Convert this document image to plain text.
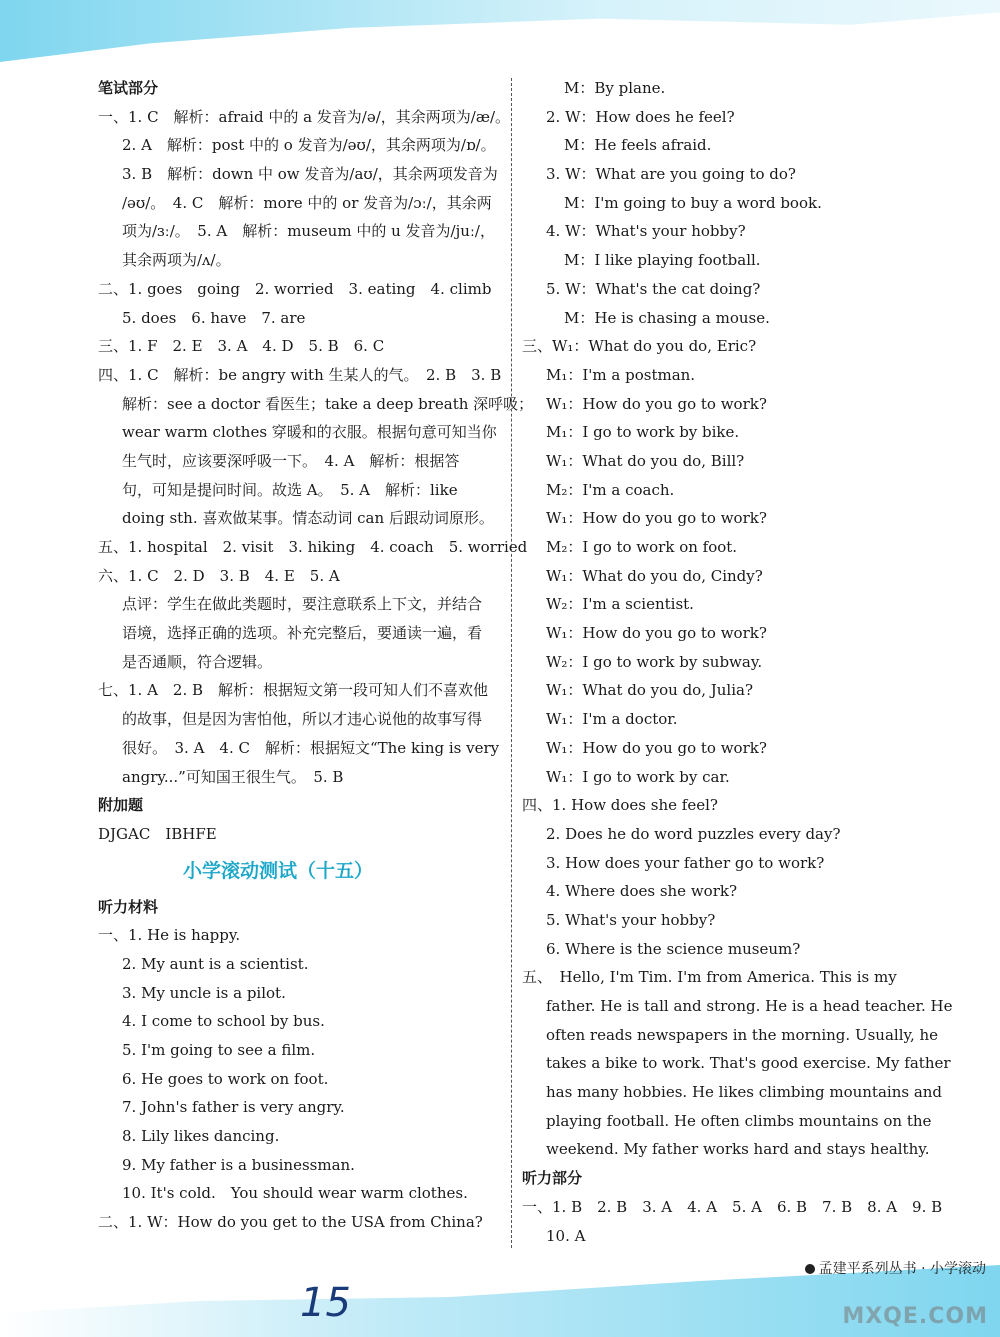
笔试部分
一、1. C　解析：afraid 中的 a 发音为/ə/，其余两项为/æ/。
2. A　解析：post 中的 o 发音为/əʊ/，其余两项为/ɒ/。
3. B　解析：down 中 ow 发音为/aʊ/，其余两项发音为
/əʊ/。　4. C　解析：more 中的 or 发音为/ɔː/，其余两
项为/ɜː/。　5. A　解析：museum 中的 u 发音为/juː/，
其余两项为/ʌ/。
二、1. goes　going　2. worried　3. eating　4. climb
5. does　6. have　7. are
三、1. F　2. E　3. A　4. D　5. B　6. C
四、1. C　解析：be angry with 生某人的气。　2. B　3. B
解析：see a doctor 看医生；take a deep breath 深呼吸；
wear warm clothes 穿暖和的衣服。根据句意可知当你
生气时，应该要深呼吸一下。　4. A　解析：根据答
句，可知是提问时间。故选 A。　5. A　解析：like
doing sth. 喜欢做某事。情态动词 can 后跟动词原形。
五、1. hospital　2. visit　3. hiking　4. coach　5. worried
六、1. C　2. D　3. B　4. E　5. A
点评：学生在做此类题时，要注意联系上下文，并结合
语境，选择正确的选项。补充完整后，要通读一遍，看
是否通顺，符合逻辑。
七、1. A　2. B　解析：根据短文第一段可知人们不喜欢他
的故事，但是因为害怕他，所以才违心说他的故事写得
很好。　3. A　4. C　解析：根据短文“The king is very
angry...”可知国王很生气。　5. B
附加题
DJGAC　IBHFE
小学滚动测试（十五）
听力材料
一、1. He is happy.
2. My aunt is a scientist.
3. My uncle is a pilot.
4. I come to school by bus.
5. I'm going to see a film.
6. He goes to work on foot.
7. John's father is very angry.
8. Lily likes dancing.
9. My father is a businessman.
10. It's cold.　You should wear warm clothes.
二、1. W：How do you get to the USA from China?
M：By plane.
2. W：How does he feel?
M：He feels afraid.
3. W：What are you going to do?
M：I'm going to buy a word book.
4. W：What's your hobby?
M：I like playing football.
5. W：What's the cat doing?
M：He is chasing a mouse.
三、W₁：What do you do, Eric?
M₁：I'm a postman.
W₁：How do you go to work?
M₁：I go to work by bike.
W₁：What do you do, Bill?
M₂：I'm a coach.
W₁：How do you go to work?
M₂：I go to work on foot.
W₁：What do you do, Cindy?
W₂：I'm a scientist.
W₁：How do you go to work?
W₂：I go to work by subway.
W₁：What do you do, Julia?
W₁：I'm a doctor.
W₁：How do you go to work?
W₁：I go to work by car.
四、1. How does she feel?
2. Does he do word puzzles every day?
3. How does your father go to work?
4. Where does she work?
5. What's your hobby?
6. Where is the science museum?
五、　Hello, I'm Tim. I'm from America. This is my
father. He is tall and strong. He is a head teacher. He
often reads newspapers in the morning. Usually, he
takes a bike to work. That's good exercise. My father
has many hobbies. He likes climbing mountains and
playing football. He often climbs mountains on the
weekend. My father works hard and stays healthy.
听力部分
一、1. B　2. B　3. A　4. A　5. A　6. B　7. B　8. A　9. B
10. A
孟建平系列丛书 · 小学滚动
15	MXQE.COM
